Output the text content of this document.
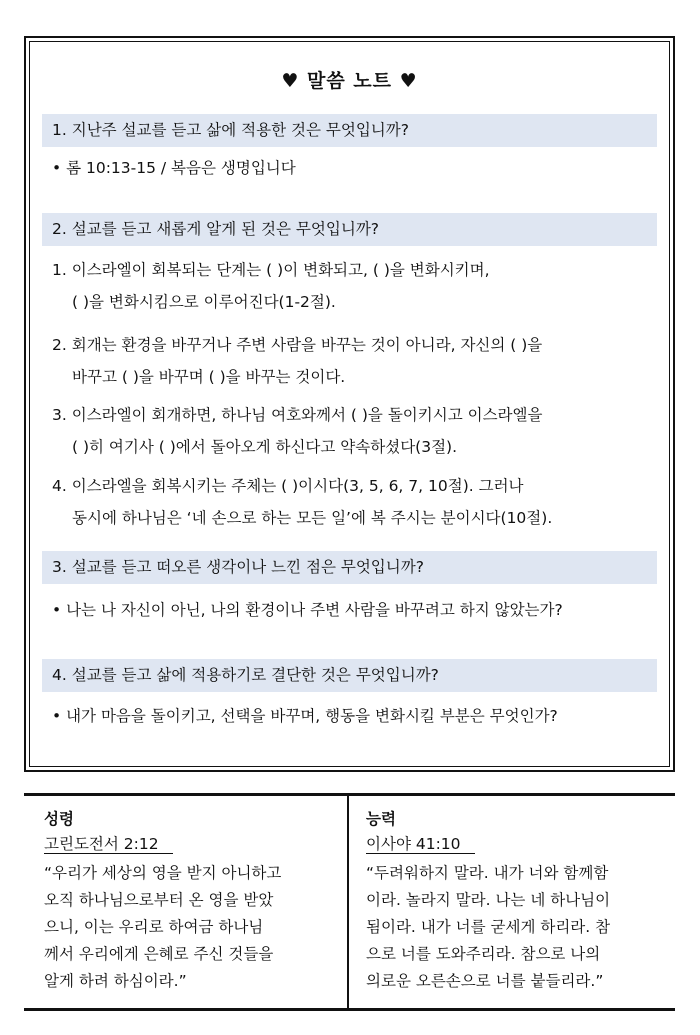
♥ 말씀 노트 ♥
1. 지난주 설교를 듣고 삶에 적용한 것은 무엇입니까?
• 롬 10:13-15 / 복음은 생명입니다
2. 설교를 듣고 새롭게 알게 된 것은 무엇입니까?
1. 이스라엘이 회복되는 단계는 ( )이 변화되고, ( )을 변화시키며,
( )을 변화시킴으로 이루어진다(1-2절).
2. 회개는 환경을 바꾸거나 주변 사람을 바꾸는 것이 아니라, 자신의 ( )을
바꾸고 ( )을 바꾸며 ( )을 바꾸는 것이다.
3. 이스라엘이 회개하면, 하나님 여호와께서 ( )을 돌이키시고 이스라엘을
( )히 여기사 ( )에서 돌아오게 하신다고 약속하셨다(3절).
4. 이스라엘을 회복시키는 주체는 ( )이시다(3, 5, 6, 7, 10절). 그러나
동시에 하나님은 ‘네 손으로 하는 모든 일’에 복 주시는 분이시다(10절).
3. 설교를 듣고 떠오른 생각이나 느낀 점은 무엇입니까?
• 나는 나 자신이 아닌, 나의 환경이나 주변 사람을 바꾸려고 하지 않았는가?
4. 설교를 듣고 삶에 적용하기로 결단한 것은 무엇입니까?
• 내가 마음을 돌이키고, 선택을 바꾸며, 행동을 변화시킬 부분은 무엇인가?
성령
고린도전서 2:12
“우리가 세상의 영을 받지 아니하고
오직 하나님으로부터 온 영을 받았
으니, 이는 우리로 하여금 하나님
께서 우리에게 은혜로 주신 것들을
알게 하려 하심이라.”
능력
이사야 41:10
“두려워하지 말라. 내가 너와 함께함
이라. 놀라지 말라. 나는 네 하나님이
됨이라. 내가 너를 굳세게 하리라. 참
으로 너를 도와주리라. 참으로 나의
의로운 오른손으로 너를 붙들리라.”
